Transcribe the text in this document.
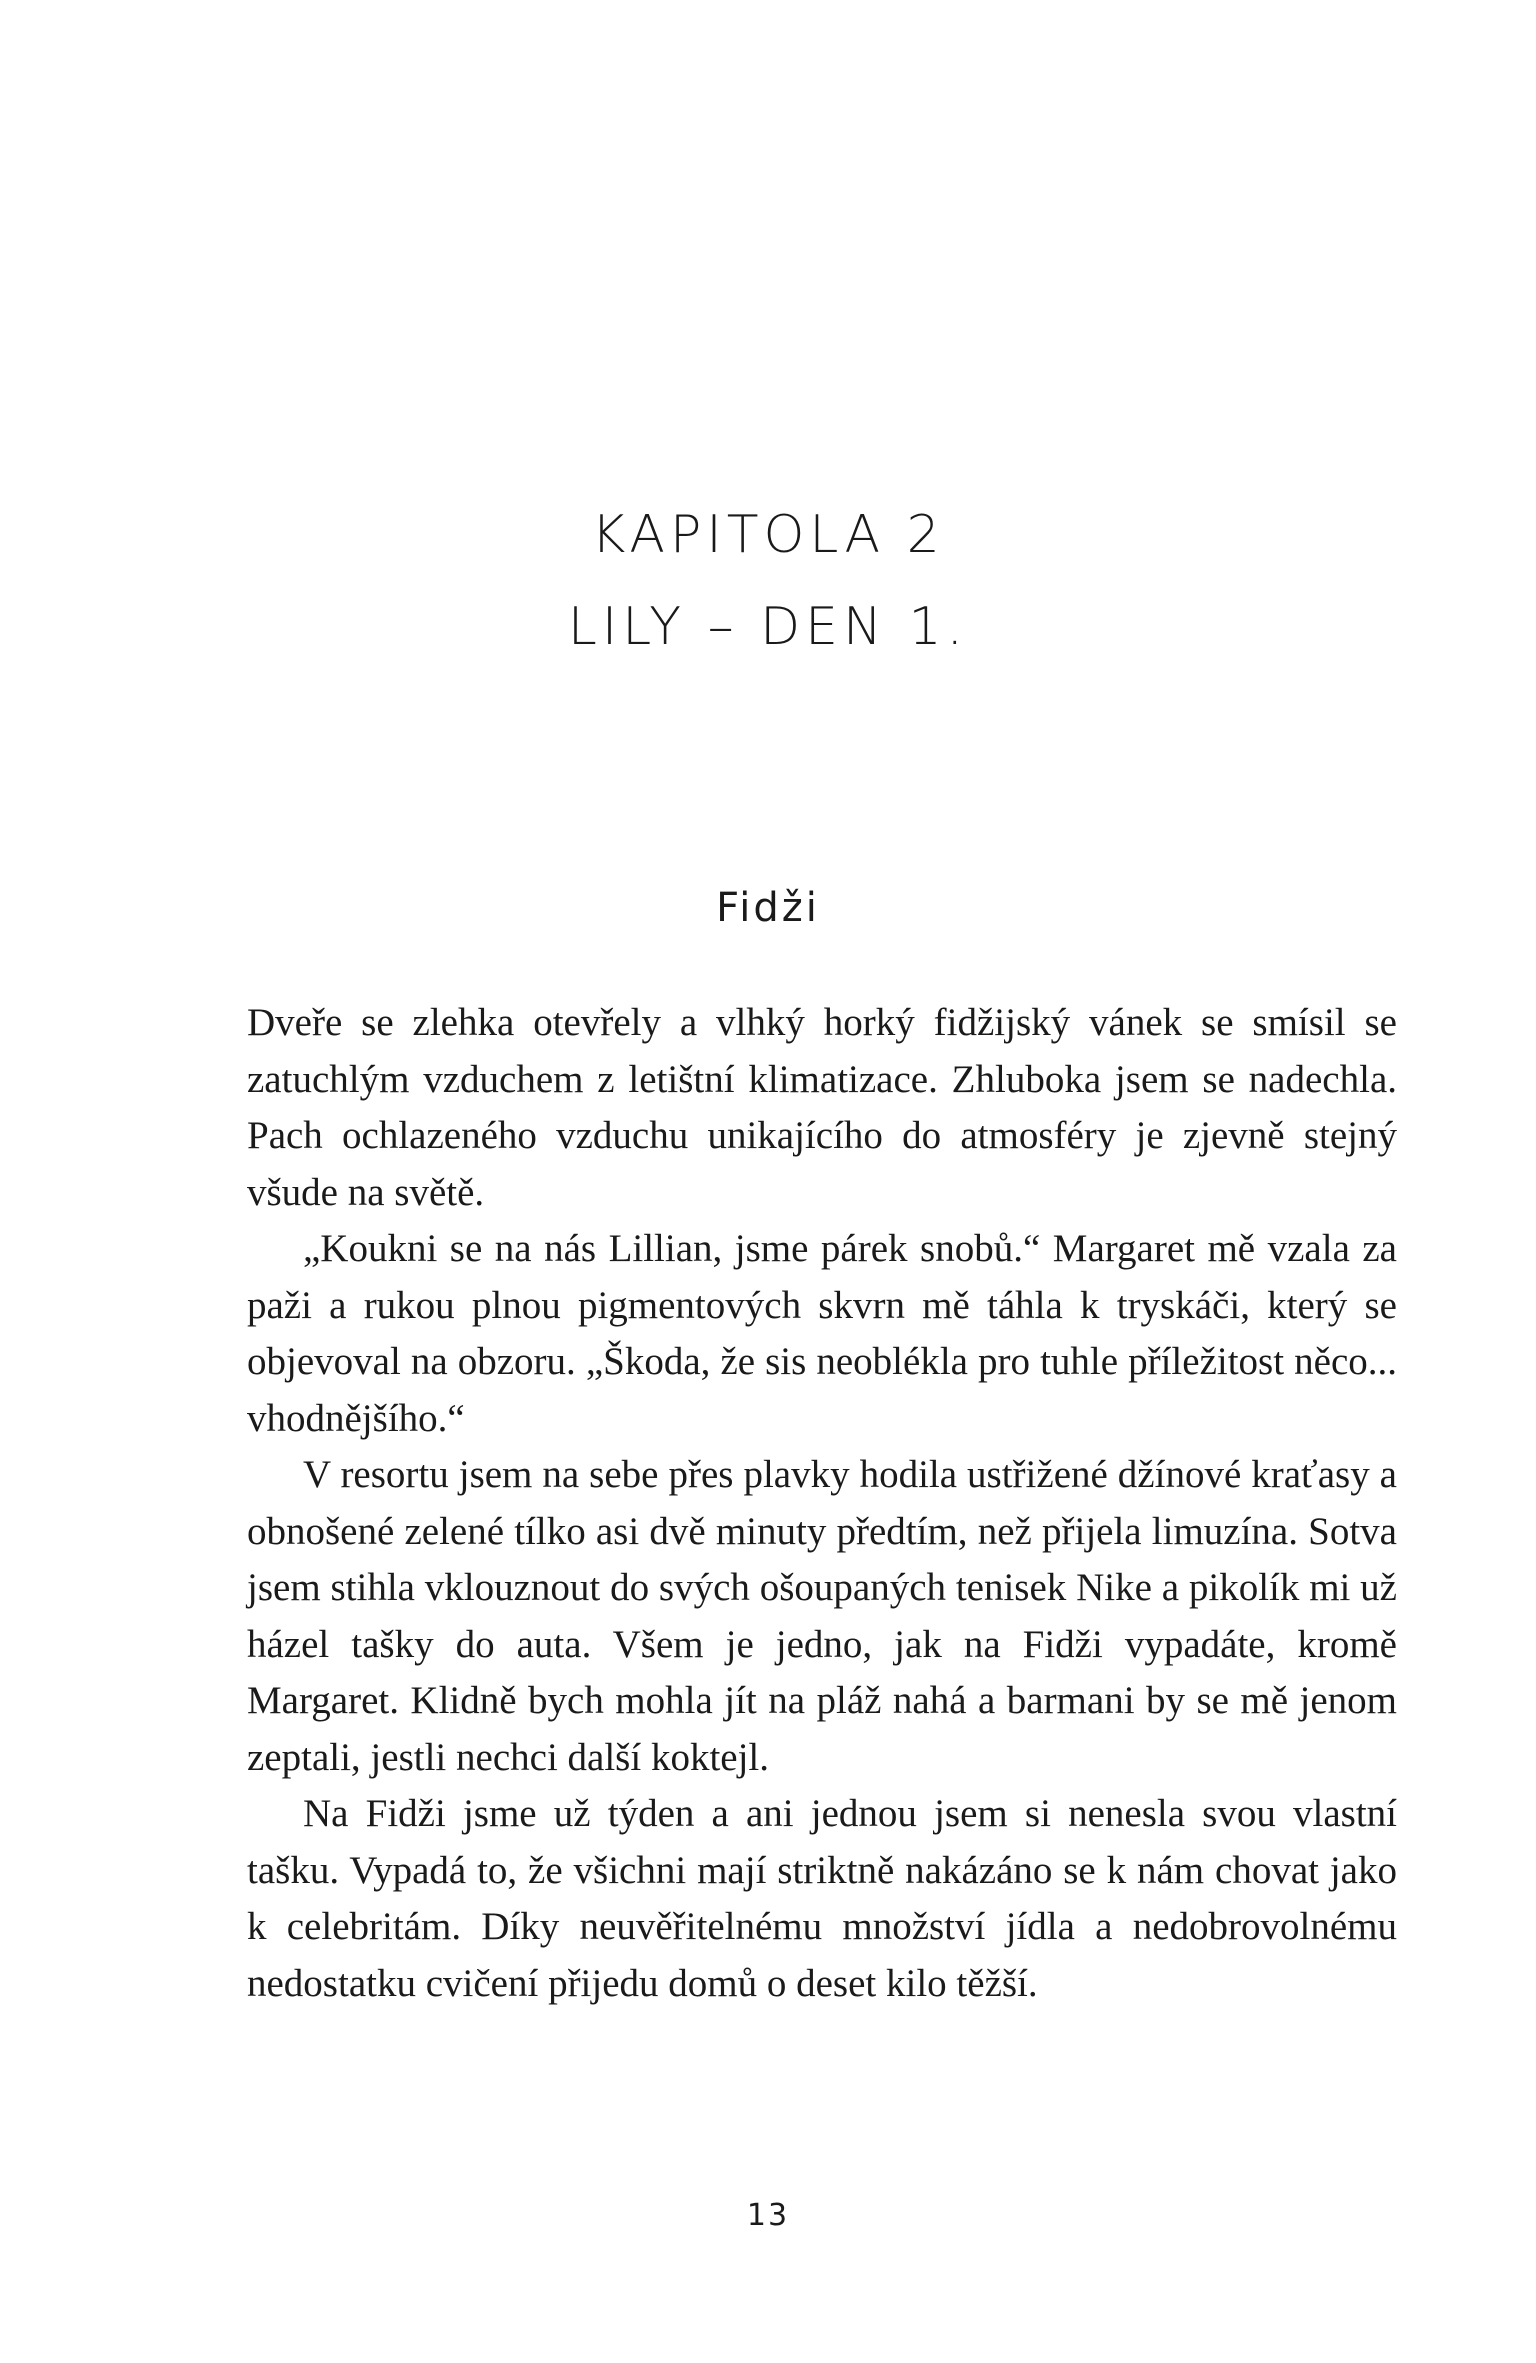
KAPITOLA 2
LILY – DEN 1.
Fidži

Dveře se zlehka otevřely a vlhký horký fidžijský vánek se smísil se zatuchlým vzduchem z letištní klimatizace. Zhluboka jsem se nadechla. Pach ochlazeného vzduchu unikajícího do atmosféry je zjevně stejný všude na světě.

„Koukni se na nás Lillian, jsme párek snobů.“ Margaret mě vzala za paži a rukou plnou pigmentových skvrn mě táhla k tryskáči, který se objevoval na obzoru. „Škoda, že sis neoblékla pro tuhle příležitost něco... vhodnějšího.“

V resortu jsem na sebe přes plavky hodila ustřižené džínové kraťasy a obnošené zelené tílko asi dvě minuty předtím, než přijela limuzína. Sotva jsem stihla vklouznout do svých ošoupaných tenisek Nike a pikolík mi už házel tašky do auta. Všem je jedno, jak na Fidži vypadáte, kromě Margaret. Klidně bych mohla jít na pláž nahá a barmani by se mě jenom zeptali, jestli nechci další koktejl.

Na Fidži jsme už týden a ani jednou jsem si nenesla svou vlastní tašku. Vypadá to, že všichni mají striktně nakázáno se k nám chovat jako k celebritám. Díky neuvěřitelnému množství jídla a nedobrovolnému nedostatku cvičení přijedu domů o deset kilo těžší.

13
